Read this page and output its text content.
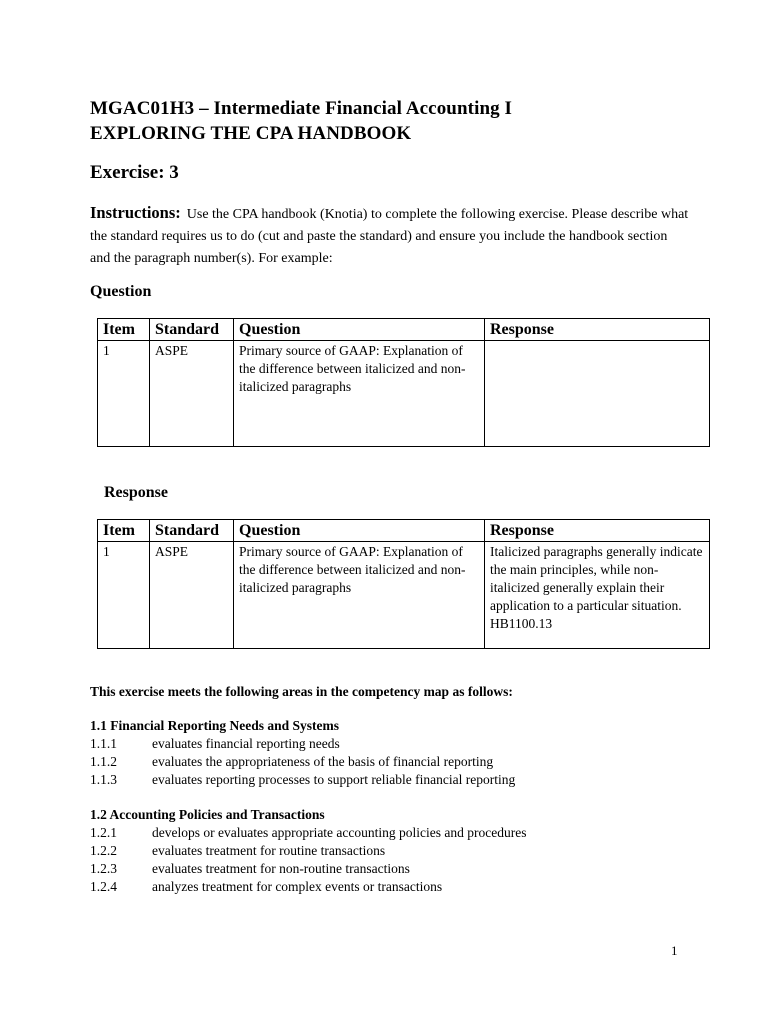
MGAC01H3 – Intermediate Financial Accounting I
EXPLORING THE CPA HANDBOOK
Exercise: 3

Instructions: Use the CPA handbook (Knotia) to complete the following exercise. Please describe what the standard requires us to do (cut and paste the standard) and ensure you include the handbook section and the paragraph number(s). For example:

Question
Item	Standard	Question	Response
1	ASPE	Primary source of GAAP: Explanation of the difference between italicized and non-italicized paragraphs	
Response
Item	Standard	Question	Response
1	ASPE	Primary source of GAAP: Explanation of the difference between italicized and non-italicized paragraphs	Italicized paragraphs generally indicate the main principles, while non-italicized generally explain their application to a particular situation.
HB1100.13

This exercise meets the following areas in the competency map as follows:

1.1 Financial Reporting Needs and Systems
1.1.1	evaluates financial reporting needs
1.1.2	evaluates the appropriateness of the basis of financial reporting
1.1.3	evaluates reporting processes to support reliable financial reporting
1.2 Accounting Policies and Transactions
1.2.1	develops or evaluates appropriate accounting policies and procedures
1.2.2	evaluates treatment for routine transactions
1.2.3	evaluates treatment for non-routine transactions
1.2.4	analyzes treatment for complex events or transactions
1
